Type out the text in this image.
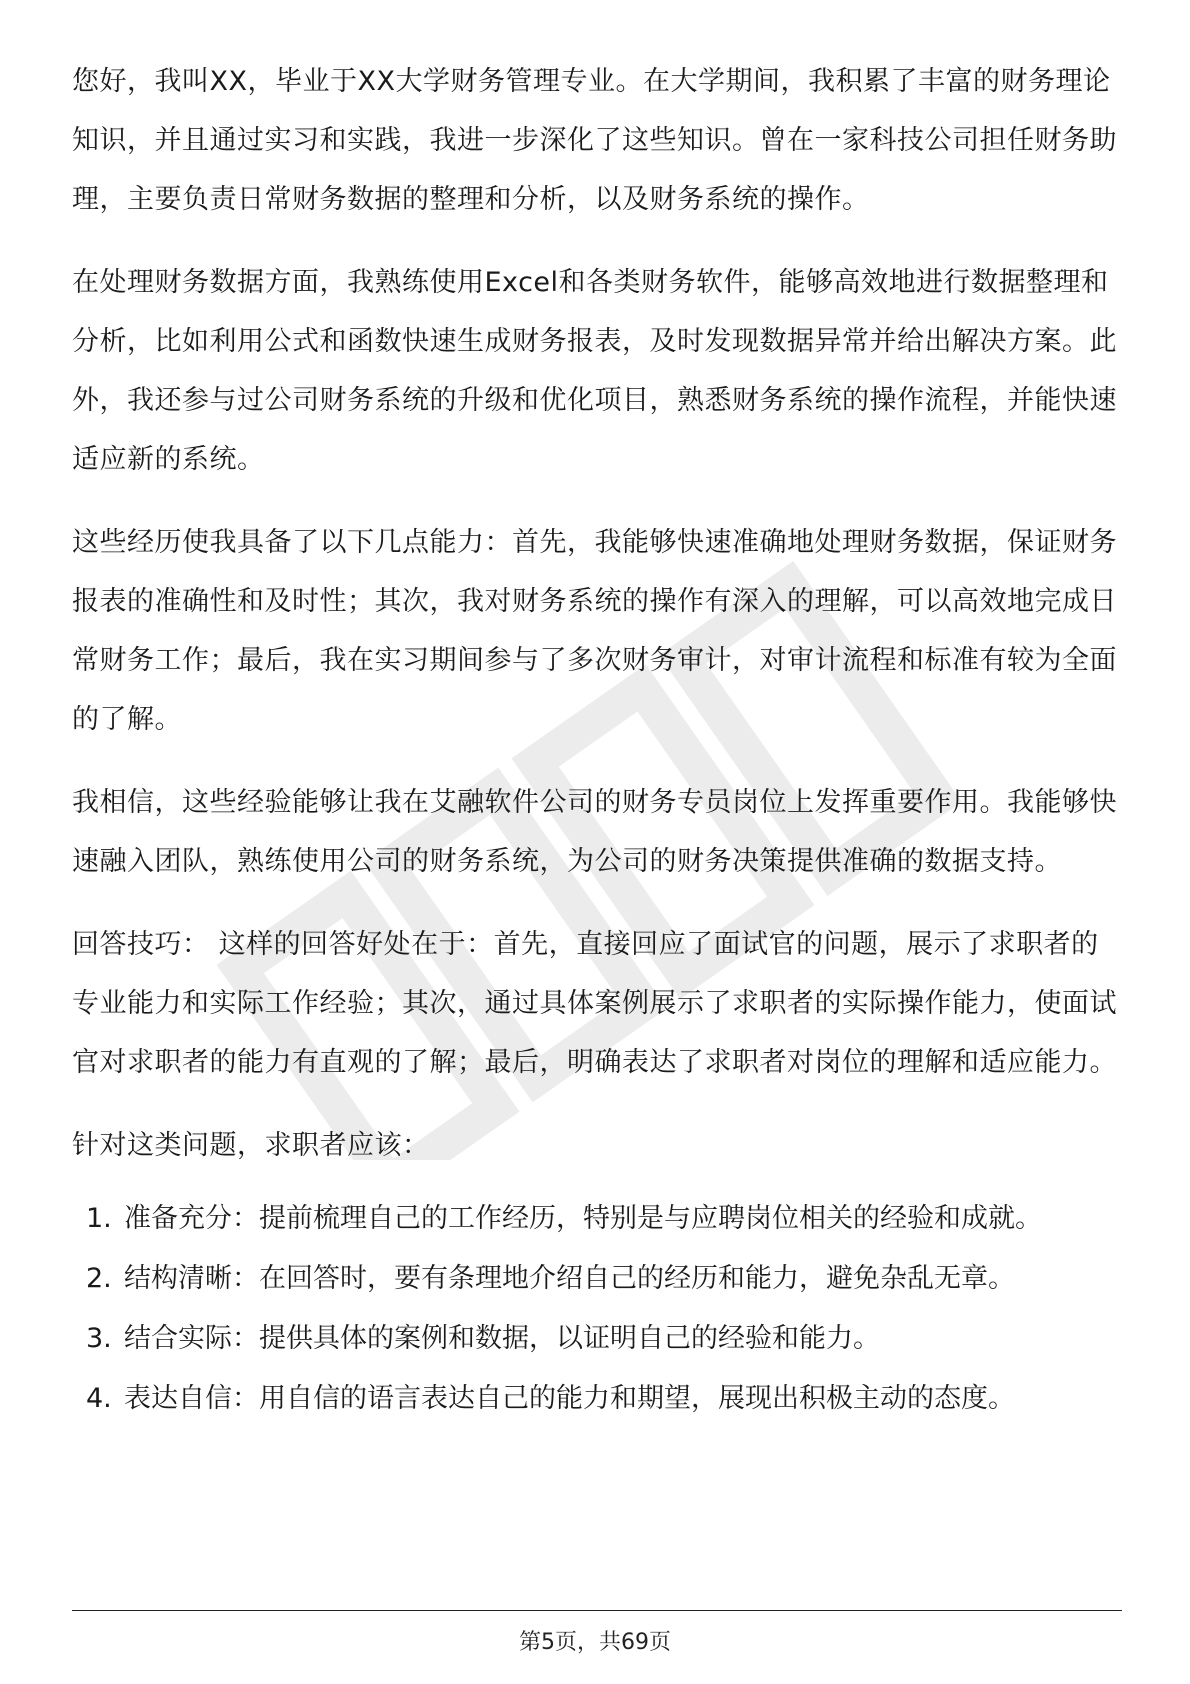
您好，我叫XX，毕业于XX大学财务管理专业。在大学期间，我积累了丰富的财务理论知识，并且通过实习和实践，我进一步深化了这些知识。曾在一家科技公司担任财务助理，主要负责日常财务数据的整理和分析，以及财务系统的操作。

在处理财务数据方面，我熟练使用Excel和各类财务软件，能够高效地进行数据整理和分析，比如利用公式和函数快速生成财务报表，及时发现数据异常并给出解决方案。此外，我还参与过公司财务系统的升级和优化项目，熟悉财务系统的操作流程，并能快速适应新的系统。

这些经历使我具备了以下几点能力：首先，我能够快速准确地处理财务数据，保证财务报表的准确性和及时性；其次，我对财务系统的操作有深入的理解，可以高效地完成日常财务工作；最后，我在实习期间参与了多次财务审计，对审计流程和标准有较为全面的了解。

我相信，这些经验能够让我在艾融软件公司的财务专员岗位上发挥重要作用。我能够快速融入团队，熟练使用公司的财务系统，为公司的财务决策提供准确的数据支持。

回答技巧： 这样的回答好处在于：首先，直接回应了面试官的问题，展示了求职者的专业能力和实际工作经验；其次，通过具体案例展示了求职者的实际操作能力，使面试官对求职者的能力有直观的了解；最后，明确表达了求职者对岗位的理解和适应能力。

针对这类问题，求职者应该：

1. 准备充分：提前梳理自己的工作经历，特别是与应聘岗位相关的经验和成就。
2. 结构清晰：在回答时，要有条理地介绍自己的经历和能力，避免杂乱无章。
3. 结合实际：提供具体的案例和数据，以证明自己的经验和能力。
4. 表达自信：用自信的语言表达自己的能力和期望，展现出积极主动的态度。
第5页，共69页
